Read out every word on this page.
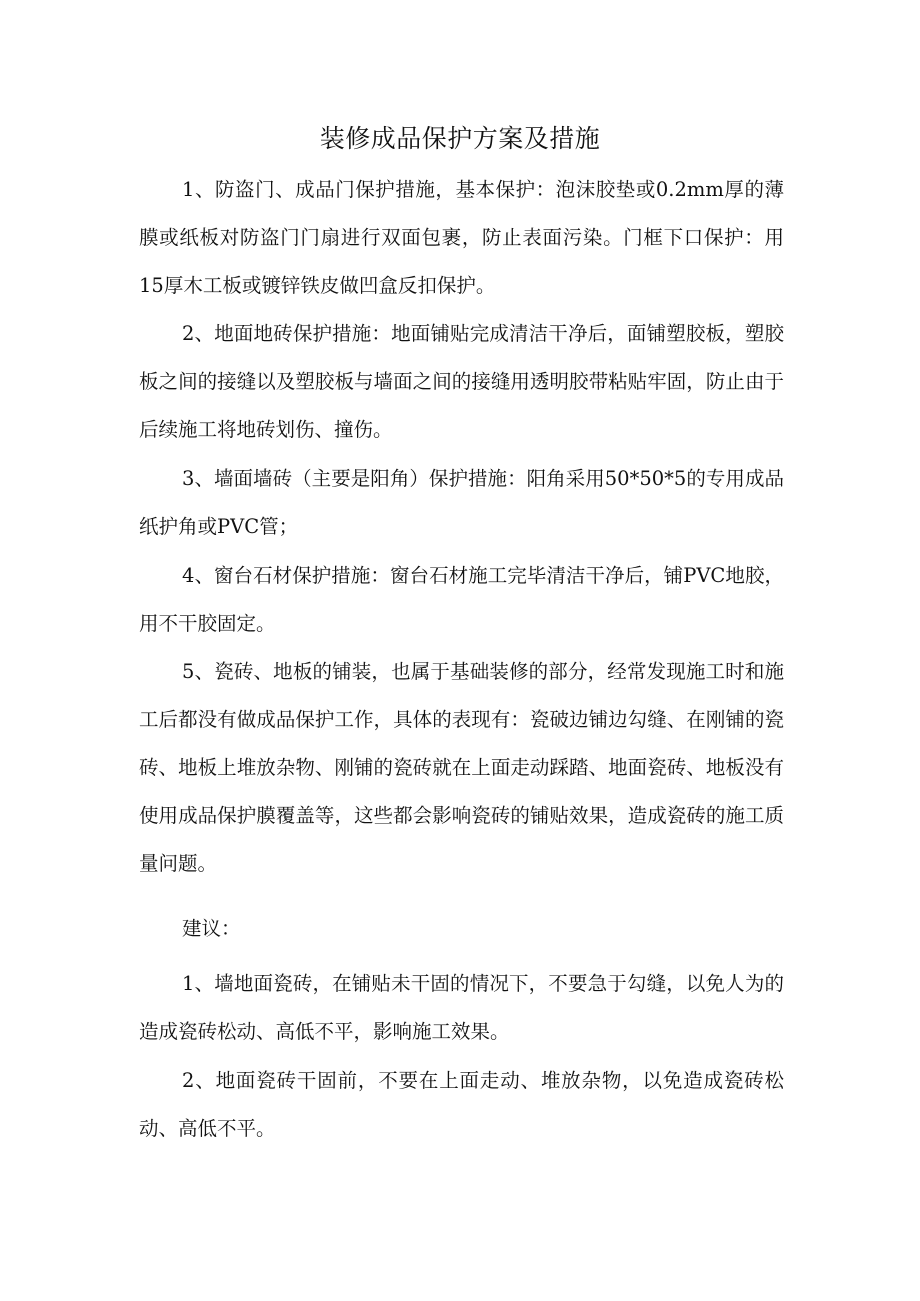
装修成品保护方案及措施
1、防盗门、成品门保护措施，基本保护：泡沫胶垫或0.2mm厚的薄膜或纸板对防盗门门扇进行双面包裹，防止表面污染。门框下口保护：用15厚木工板或镀锌铁皮做凹盒反扣保护。
2、地面地砖保护措施：地面铺贴完成清洁干净后，面铺塑胶板，塑胶板之间的接缝以及塑胶板与墙面之间的接缝用透明胶带粘贴牢固，防止由于后续施工将地砖划伤、撞伤。
3、墙面墙砖（主要是阳角）保护措施：阳角采用50*50*5的专用成品纸护角或PVC管；
4、窗台石材保护措施：窗台石材施工完毕清洁干净后，铺PVC地胶，用不干胶固定。
5、瓷砖、地板的铺装，也属于基础装修的部分，经常发现施工时和施工后都没有做成品保护工作，具体的表现有：瓷破边铺边勾缝、在刚铺的瓷砖、地板上堆放杂物、刚铺的瓷砖就在上面走动踩踏、地面瓷砖、地板没有使用成品保护膜覆盖等，这些都会影响瓷砖的铺贴效果，造成瓷砖的施工质量问题。
建议：
1、墙地面瓷砖，在铺贴未干固的情况下，不要急于勾缝，以免人为的造成瓷砖松动、高低不平，影响施工效果。
2、地面瓷砖干固前，不要在上面走动、堆放杂物，以免造成瓷砖松动、高低不平。
